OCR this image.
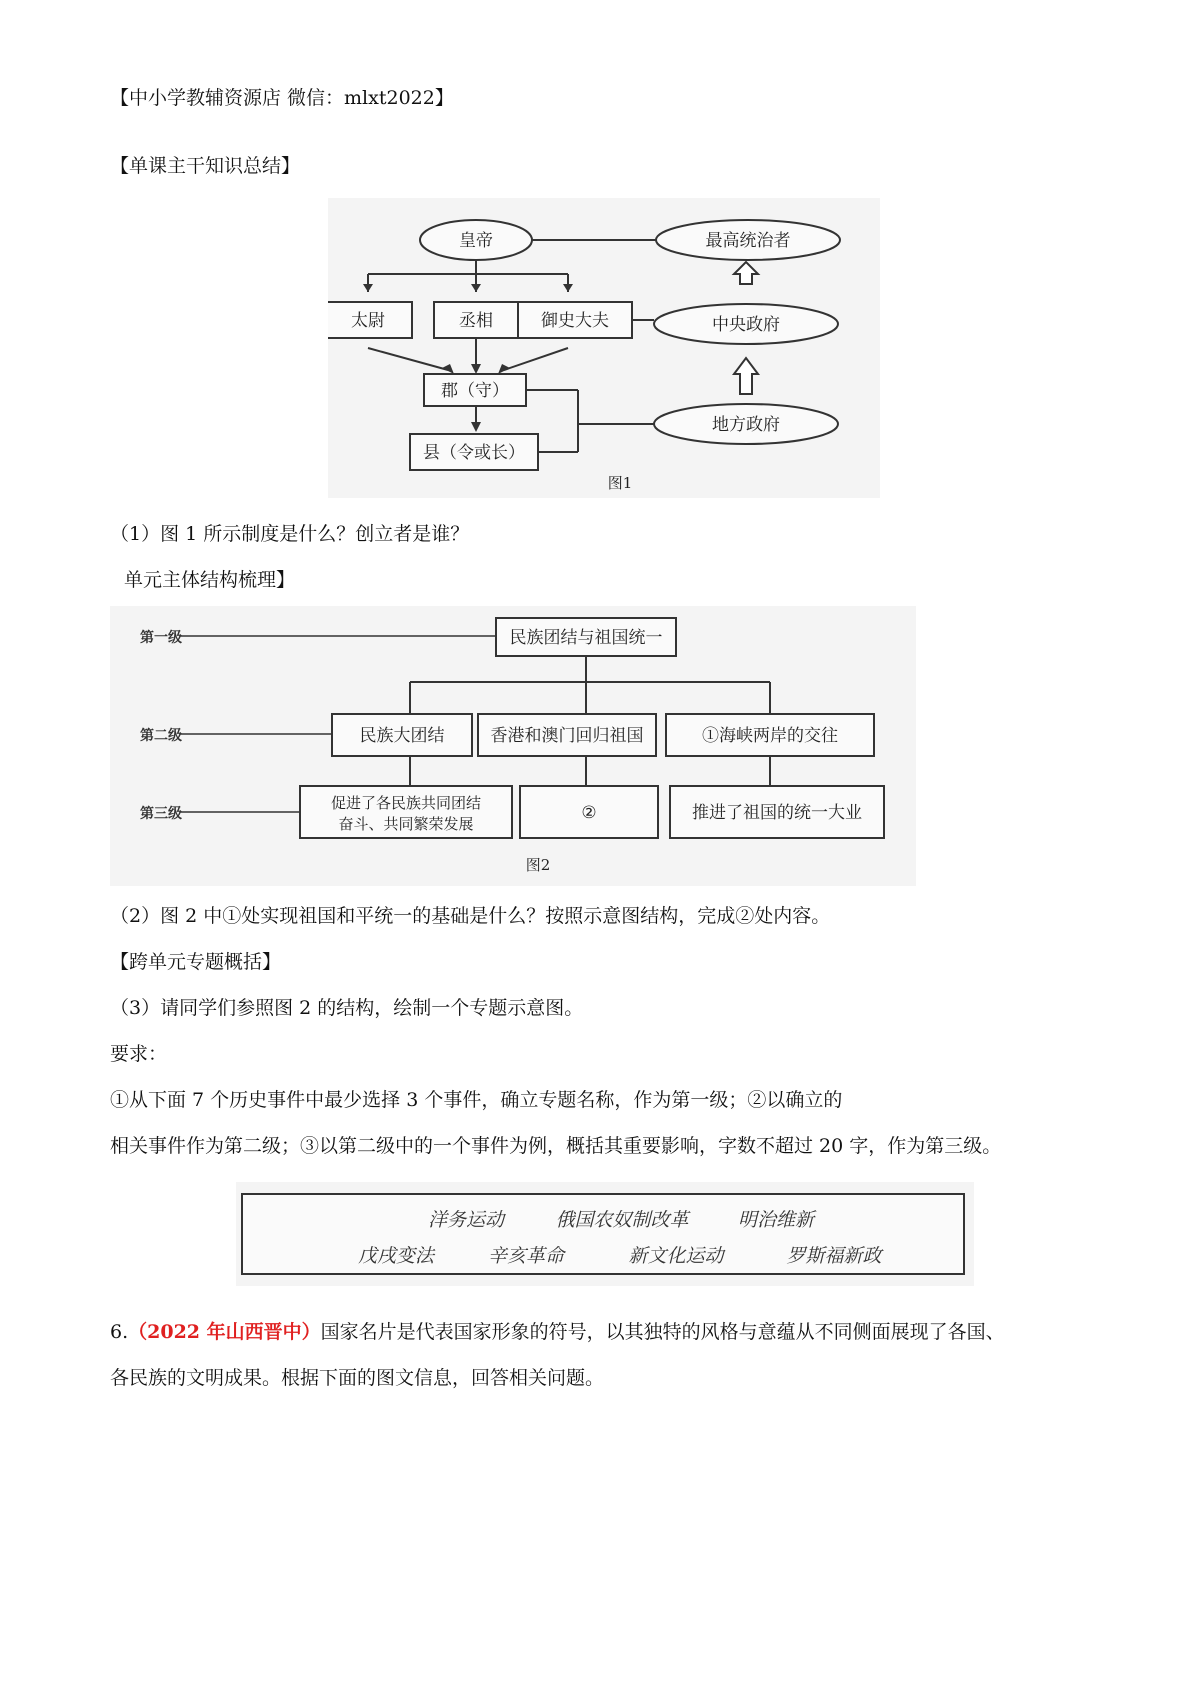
【中小学教辅资源店 微信：mlxt2022】
【单课主干知识总结】
皇帝	最高统治者
太尉	丞相	御史大夫	中央政府
郡（守）
县（令或长）
地方政府
图1
（1）图 1 所示制度是什么？创立者是谁？
单元主体结构梳理】
第一级
第二级
第三级
民族团结与祖国统一
民族大团结	香港和澳门回归祖国	①海峡两岸的交往
促进了各民族共同团结
奋斗、共同繁荣发展
②	推进了祖国的统一大业
图2
（2）图 2 中①处实现祖国和平统一的基础是什么？按照示意图结构，完成②处内容。
【跨单元专题概括】
（3）请同学们参照图 2 的结构，绘制一个专题示意图。
要求：
①从下面 7 个历史事件中最少选择 3 个事件，确立专题名称，作为第一级；②以确立的
相关事件作为第二级；③以第二级中的一个事件为例，概括其重要影响，字数不超过 20 字，作为第三级。
洋务运动	俄国农奴制改革	明治维新
戊戌变法	辛亥革命	新文化运动	罗斯福新政
6.（2022 年山西晋中）国家名片是代表国家形象的符号，以其独特的风格与意蕴从不同侧面展现了各国、
各民族的文明成果。根据下面的图文信息，回答相关问题。
